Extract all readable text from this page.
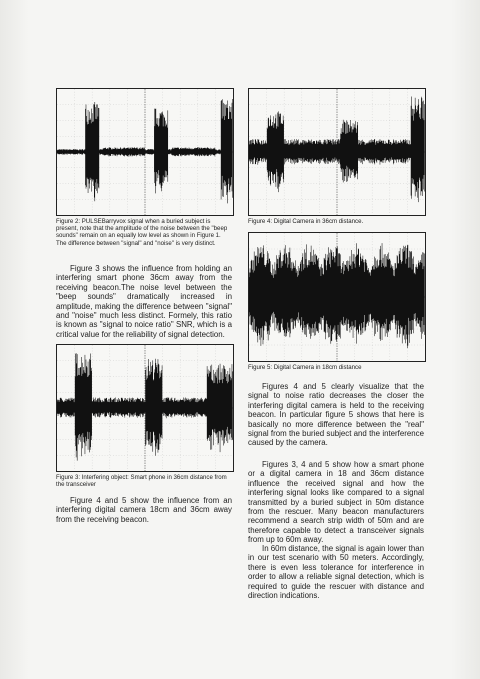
Figure 2: PULSEBarryvox signal when a buried subject is present, note that the amplitude of the noise between the "beep sounds" remain on an equally low level as shown in Figure 1. The difference between "signal" and "noise" is very distinct.

Figure 3 shows the influence from holding an interfering smart phone 36cm away from the receiving beacon.The noise level between the "beep sounds" dramatically increased in amplitude, making the difference between "signal" and "noise" much less distinct. Formely, this ratio is known as "signal to noice ratio" SNR, which is a critical value for the reliability of signal detection.

Figure 3: Interfering object: Smart phone in 36cm distance from the transceiver

Figure 4 and 5 show the influence from an interfering digital camera 18cm and 36cm away from the receiving beacon.

Figure 4: Digital Camera in 36cm distance.
Figure 5: Digital Camera in 18cm distance

Figures 4 and 5 clearly visualize that the signal to noise ratio decreases the closer the interfering digital camera is held to the receiving beacon. In particular figure 5 shows that here is basically no more difference between the "real" signal from the buried subject and the interference caused by the camera.

Figures 3, 4 and 5 show how a smart phone or a digital camera in 18 and 36cm distance influence the received signal and how the interfering signal looks like compared to a signal transmitted by a buried subject in 50m distance from the rescuer. Many beacon manufacturers recommend a search strip width of 50m and are therefore capable to detect a transceiver signals from up to 60m away.

In 60m distance, the signal is again lower than in our test scenario with 50 meters. Accordingly, there is even less tolerance for interference in order to allow a reliable signal detection, which is required to guide the rescuer with distance and direction indications.
